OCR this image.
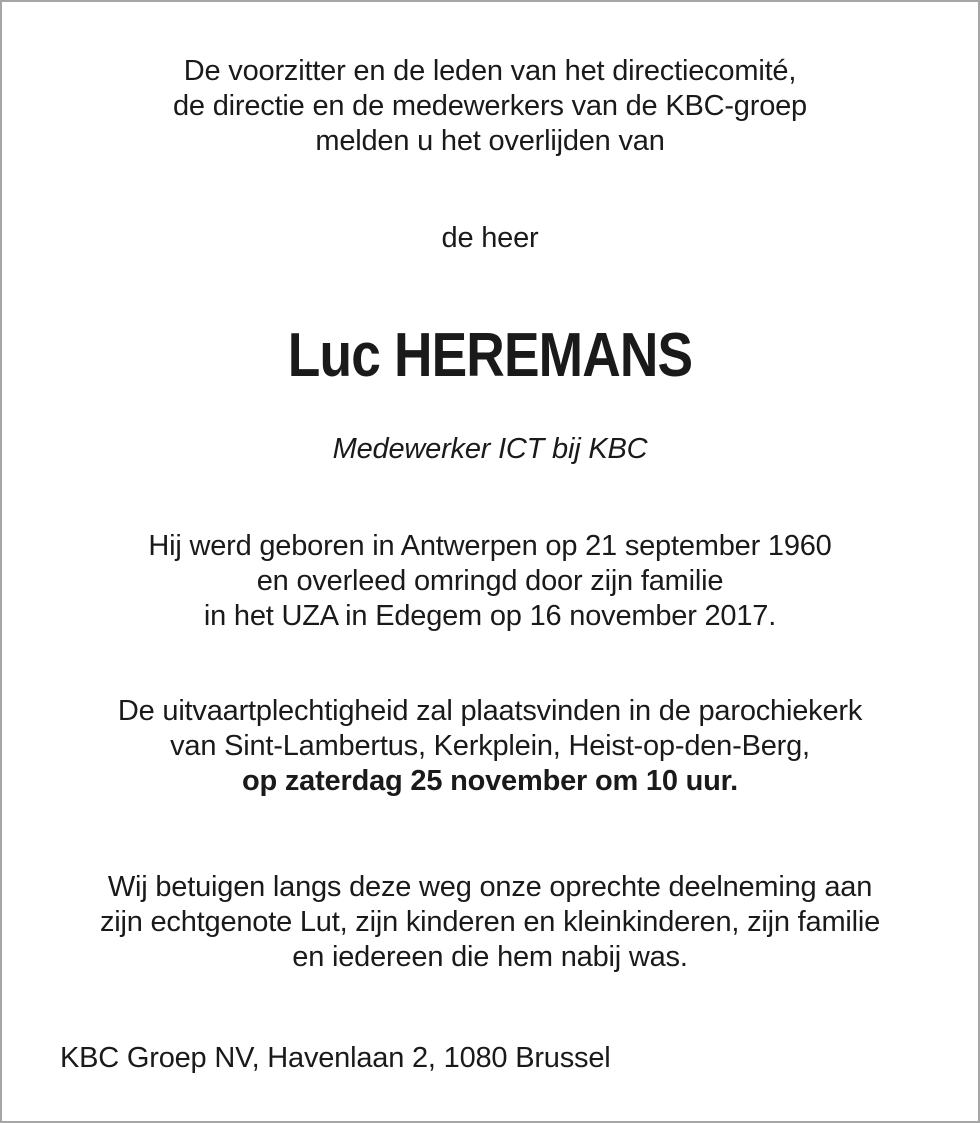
De voorzitter en de leden van het directiecomité,
de directie en de medewerkers van de KBC-groep
melden u het overlijden van
de heer
Luc HEREMANS
Medewerker ICT bij KBC
Hij werd geboren in Antwerpen op 21 september 1960
en overleed omringd door zijn familie
in het UZA in Edegem op 16 november 2017.
De uitvaartplechtigheid zal plaatsvinden in de parochiekerk
van Sint-Lambertus, Kerkplein, Heist-op-den-Berg,
op zaterdag 25 november om 10 uur.
Wij betuigen langs deze weg onze oprechte deelneming aan
zijn echtgenote Lut, zijn kinderen en kleinkinderen, zijn familie
en iedereen die hem nabij was.
KBC Groep NV, Havenlaan 2, 1080 Brussel
